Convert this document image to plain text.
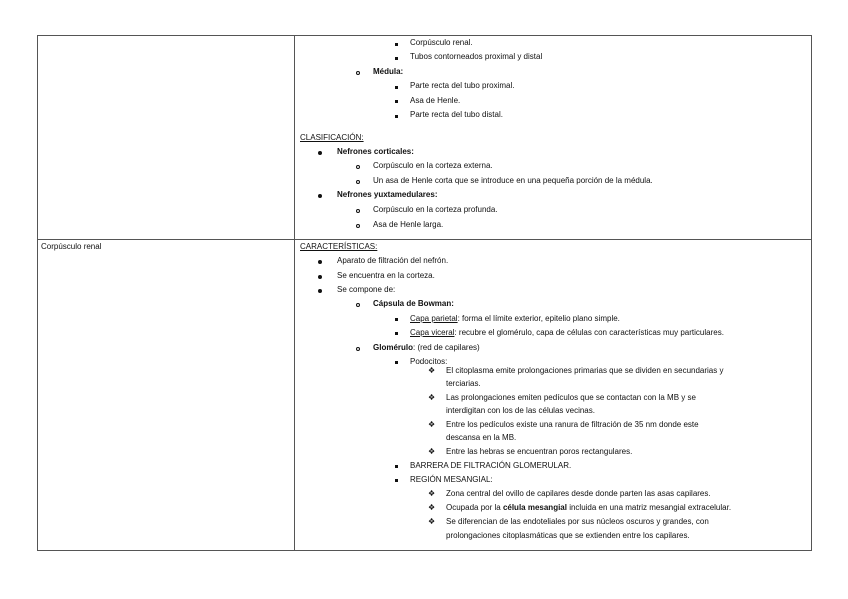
Corpúsculo renal.
Tubos contorneados proximal y distal
Médula:
Parte recta del tubo proximal.
Asa de Henle.
Parte recta del tubo distal.
CLASIFICACIÓN:
Nefrones corticales:
Corpúsculo en la corteza externa.
Un asa de Henle corta que se introduce en una pequeña porción de la médula.
Nefrones yuxtamedulares:
Corpúsculo en la corteza profunda.
Asa de Henle larga.
Corpúsculo renal	CARACTERÍSTICAS:
Aparato de filtración del nefrón.
Se encuentra en la corteza.
Se compone de:
Cápsula de Bowman:
Capa parietal: forma el límite exterior, epitelio plano simple.
Capa viceral: recubre el glomérulo, capa de células con características muy particulares.
Glomérulo: (red de capilares)
Podocitos:
❖ El citoplasma emite prolongaciones primarias que se dividen en secundarias y
terciarias.
❖ Las prolongaciones emiten pedículos que se contactan con la MB y se
interdigitan con los de las células vecinas.
❖ Entre los pedículos existe una ranura de filtración de 35 nm donde este
descansa en la MB.
❖ Entre las hebras se encuentran poros rectangulares.
BARRERA DE FILTRACIÓN GLOMERULAR.
REGIÓN MESANGIAL:
❖ Zona central del ovillo de capilares desde donde parten las asas capilares.
❖ Ocupada por la célula mesangial incluida en una matriz mesangial extracelular.
❖ Se diferencian de las endoteliales por sus núcleos oscuros y grandes, con
prolongaciones citoplasmáticas que se extienden entre los capilares.
